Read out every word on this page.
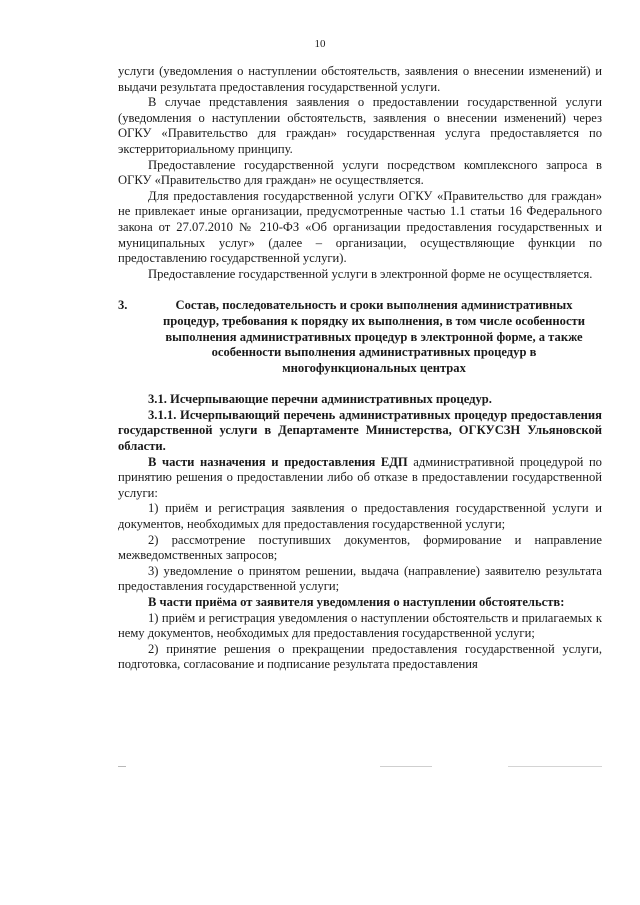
10

услуги (уведомления о наступлении обстоятельств, заявления о внесении изменений) и выдачи результата предоставления государственной услуги.

В случае представления заявления о предоставлении государственной услуги (уведомления о наступлении обстоятельств, заявления о внесении изменений) через ОГКУ «Правительство для граждан» государственная услуга предоставляется по экстерриториальному принципу.

Предоставление государственной услуги посредством комплексного запроса в ОГКУ «Правительство для граждан» не осуществляется.

Для предоставления государственной услуги ОГКУ «Правительство для граждан» не привлекает иные организации, предусмотренные частью 1.1 статьи 16 Федерального закона от 27.07.2010 № 210-ФЗ «Об организации предоставления государственных и муниципальных услуг» (далее – организации, осуществляющие функции по предоставлению государственной услуги).

Предоставление государственной услуги в электронной форме не осуществляется.

3.	Состав, последовательность и сроки выполнения административных процедур, требования к порядку их выполнения, в том числе особенности выполнения административных процедур в электронной форме, а также особенности выполнения административных процедур в многофункциональных центрах

3.1. Исчерпывающие перечни административных процедур.

3.1.1. Исчерпывающий перечень административных процедур предоставления государственной услуги в Департаменте Министерства, ОГКУСЗН Ульяновской области.

В части назначения и предоставления ЕДП административной процедурой по принятию решения о предоставлении либо об отказе в предоставлении государственной услуги:

1) приём и регистрация заявления о предоставления государственной услуги и документов, необходимых для предоставления государственной услуги;

2) рассмотрение поступивших документов, формирование и направление межведомственных запросов;

3) уведомление о принятом решении, выдача (направление) заявителю результата предоставления государственной услуги;

В части приёма от заявителя уведомления о наступлении обстоятельств:

1) приём и регистрация уведомления о наступлении обстоятельств и прилагаемых к нему документов, необходимых для предоставления государственной услуги;

2) принятие решения о прекращении предоставления государственной услуги, подготовка, согласование и подписание результата предоставления
